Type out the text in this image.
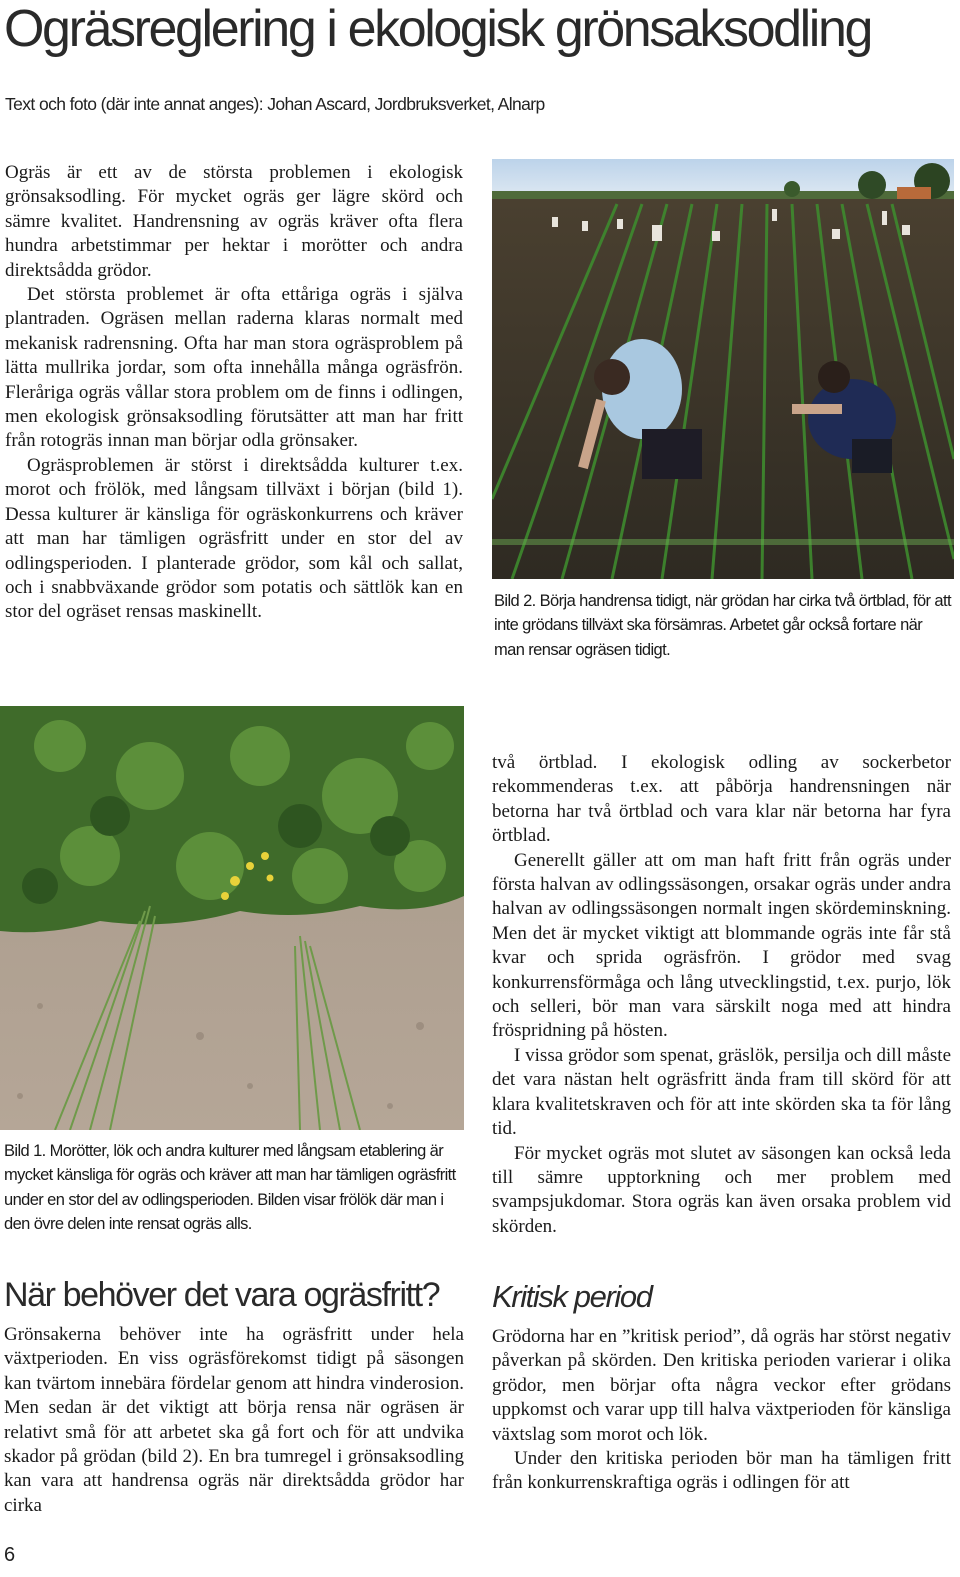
Ogräsreglering i ekologisk grönsaksodling
Text och foto (där inte annat anges): Johan Ascard, Jordbruksverket, Alnarp

Ogräs är ett av de största problemen i ekologisk grönsaksodling. För mycket ogräs ger lägre skörd och sämre kvalitet. Handrensning av ogräs kräver ofta flera hundra arbetstimmar per hektar i morötter och andra direktsådda grödor.

Det största problemet är ofta ettåriga ogräs i själva plantraden. Ogräsen mellan raderna klaras normalt med mekanisk radrensning. Ofta har man stora ogräsproblem på lätta mullrika jordar, som ofta innehålla många ogräsfrön. Fleråriga ogräs vållar stora problem om de finns i odlingen, men ekologisk grönsaksodling förutsätter att man har fritt från rotogräs innan man börjar odla grönsaker.

Ogräsproblemen är störst i direktsådda kulturer t.ex. morot och frölök, med långsam tillväxt i början (bild 1). Dessa kulturer är känsliga för ogräskonkurrens och kräver att man har tämligen ogräsfritt under en stor del av odlingsperioden. I planterade grödor, som kål och sallat, och i snabbväxande grödor som potatis och sättlök kan en stor del ogräset rensas maskinellt.

Bild 2. Börja handrensa tidigt, när grödan har cirka två örtblad, för att inte grödans tillväxt ska försämras. Arbetet går också fortare när man rensar ogräsen tidigt.
Bild 1. Morötter, lök och andra kulturer med långsam etablering är mycket känsliga för ogräs och kräver att man har tämligen ogräsfritt under en stor del av odlingsperioden. Bilden visar frölök där man i den övre delen inte rensat ogräs alls.
När behöver det vara ogräsfritt?

Grönsakerna behöver inte ha ogräsfritt under hela växtperioden. En viss ogräsförekomst tidigt på säsongen kan tvärtom innebära fördelar genom att hindra vinderosion. Men sedan är det viktigt att börja rensa när ogräsen är relativt små för att arbetet ska gå fort och för att undvika skador på grödan (bild 2). En bra tumregel i grönsaksodling kan vara att handrensa ogräs när direktsådda grödor har cirka

två örtblad. I ekologisk odling av sockerbetor rekommenderas t.ex. att påbörja handrensningen när betorna har två örtblad och vara klar när betorna har fyra örtblad.

Generellt gäller att om man haft fritt från ogräs under första halvan av odlingssäsongen, orsakar ogräs under andra halvan av odlingssäsongen normalt ingen skördeminskning. Men det är mycket viktigt att blommande ogräs inte får stå kvar och sprida ogräsfrön. I grödor med svag konkurrensförmåga och lång utvecklingstid, t.ex. purjo, lök och selleri, bör man vara särskilt noga med att hindra fröspridning på hösten.

I vissa grödor som spenat, gräslök, persilja och dill måste det vara nästan helt ogräsfritt ända fram till skörd för att klara kvalitetskraven och för att inte skörden ska ta för lång tid.

För mycket ogräs mot slutet av säsongen kan också leda till sämre upptorkning och mer problem med svampsjukdomar. Stora ogräs kan även orsaka problem vid skörden.

Kritisk period

Grödorna har en ”kritisk period”, då ogräs har störst negativ påverkan på skörden. Den kritiska perioden varierar i olika grödor, men börjar ofta några veckor efter grödans uppkomst och varar upp till halva växtperioden för känsliga växtslag som morot och lök.

Under den kritiska perioden bör man ha tämligen fritt från konkurrenskraftiga ogräs i odlingen för att

6
